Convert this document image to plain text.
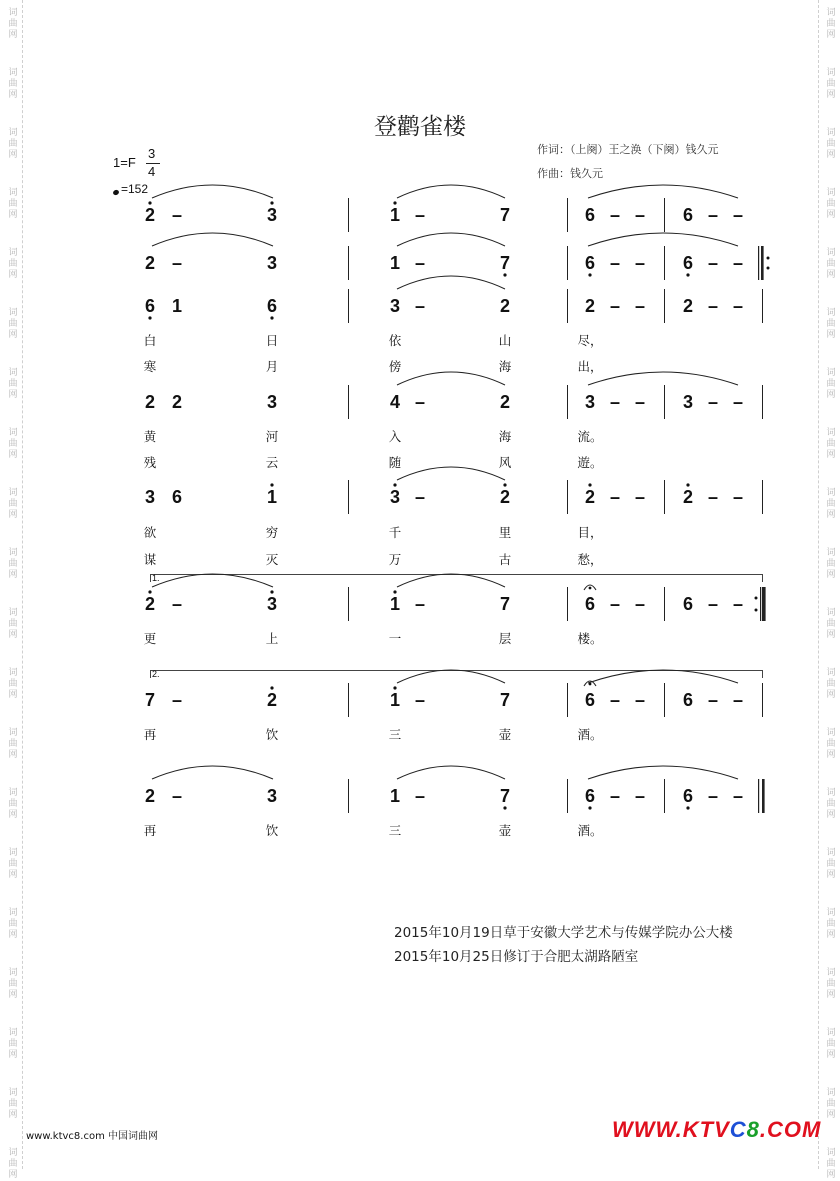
登鹳雀楼
作词：（上阕）王之涣（下阕）钱久元
作曲：钱久元
1=F
3
4
=152
2 –	3	1 –	7	6 – – 6 – –
2 –	3	1 –	7	6 – – 6 – –
6 1	6	3 –	2	2 – – 2 – –
白	日	依	山	尽，
寒	月	傍	海	出，
2 2	3	4 –	2	3 – – 3 – –
黄	河	入	海	流。
残	云	随	风	遊。
3 6	1	3 –	2	2 – – 2 – –
欲	穷	千	里	目，
谋	灭	万	古	愁，
2 –	3	1 –	7	6 – – 6 – –
更	上	一	层	楼。
1.
7 –	2	1 –	7	6 – – 6 – –
再	饮	三	壶	酒。
2.
2 –	3	1 –	7	6 – – 6 – –
再	饮	三	壶	酒。
2015年10月19日草于安徽大学艺术与传媒学院办公大楼
2015年10月25日修订于合肥太湖路陋室
www.ktvc8.com 中国词曲网	WWW.KTVC8.COM
词
曲
网
词
曲
网
词
曲
网
词
曲
网
词
曲
网
词
曲
网
词
曲
网
词
曲
网
词
曲
网
词
曲
网
词
曲
网
词
曲
网
词
曲
网
词
曲
网
词
曲
网
词
曲
网
词
曲
网
词
曲
网
词
曲
网
词
曲
网
词
曲
网
词
曲
网
词
曲
网
词
曲
网
词
曲
网
词
曲
网
词
曲
网
词
曲
网
词
曲
网
词
曲
网
词
曲
网
词
曲
网
词
曲
网
词
曲
网
词
曲
网
词
曲
网
词
曲
网
词
曲
网
词
曲
网
词
曲
网
